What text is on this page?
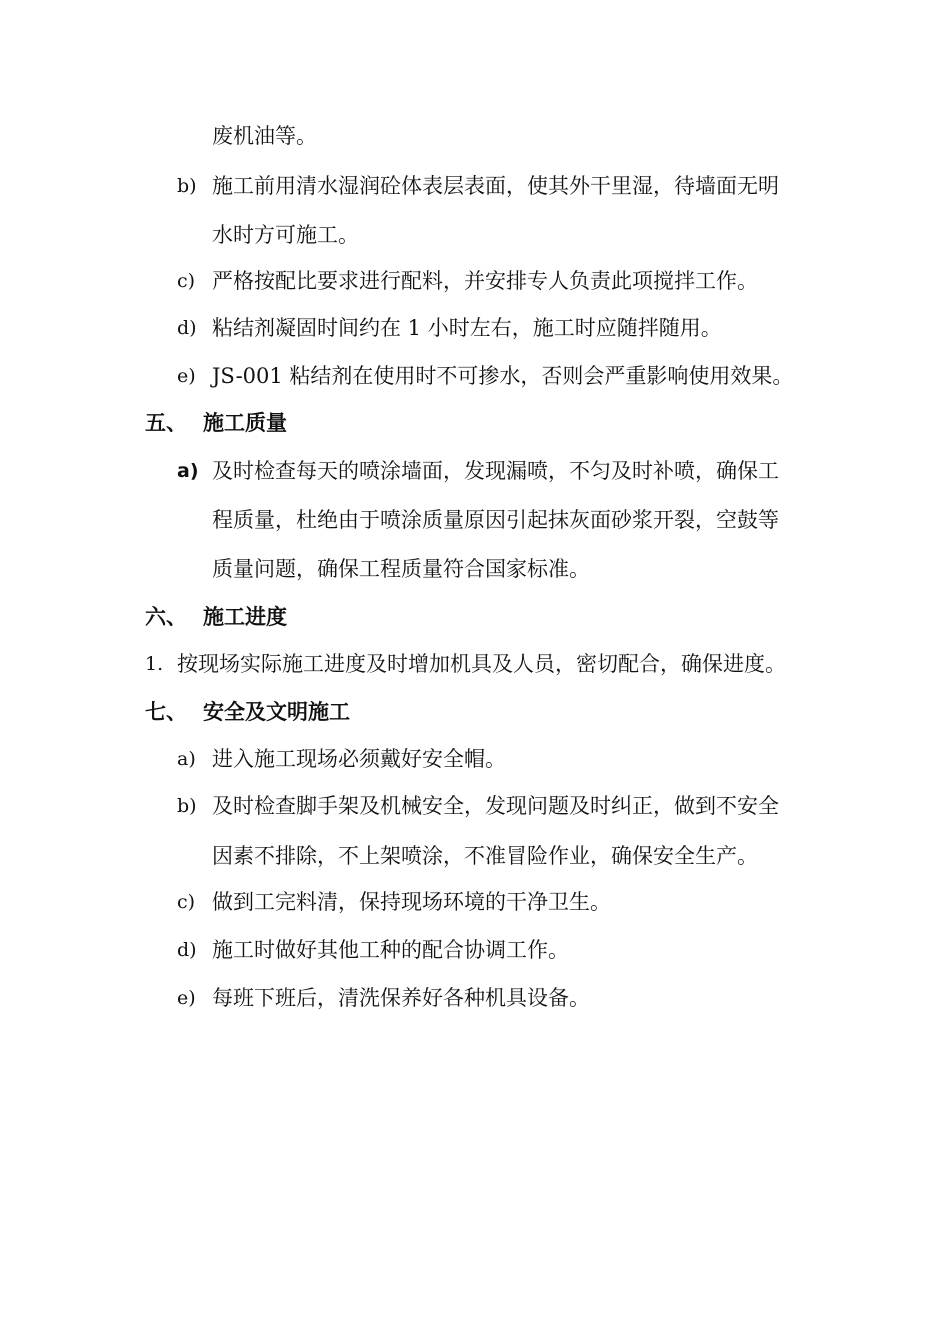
废机油等。
b) 施工前用清水湿润砼体表层表面，使其外干里湿，待墙面无明
水时方可施工。
c) 严格按配比要求进行配料，并安排专人负责此项搅拌工作。
d) 粘结剂凝固时间约在 1 小时左右，施工时应随拌随用。
e) JS-001 粘结剂在使用时不可掺水，否则会严重影响使用效果。
五、 施工质量
a) 及时检查每天的喷涂墙面，发现漏喷，不匀及时补喷，确保工
程质量，杜绝由于喷涂质量原因引起抹灰面砂浆开裂，空鼓等
质量问题，确保工程质量符合国家标准。
六、 施工进度
1. 按现场实际施工进度及时增加机具及人员，密切配合，确保进度。
七、 安全及文明施工
a) 进入施工现场必须戴好安全帽。
b) 及时检查脚手架及机械安全，发现问题及时纠正，做到不安全
因素不排除，不上架喷涂，不准冒险作业，确保安全生产。
c) 做到工完料清，保持现场环境的干净卫生。
d) 施工时做好其他工种的配合协调工作。
e) 每班下班后，清洗保养好各种机具设备。
